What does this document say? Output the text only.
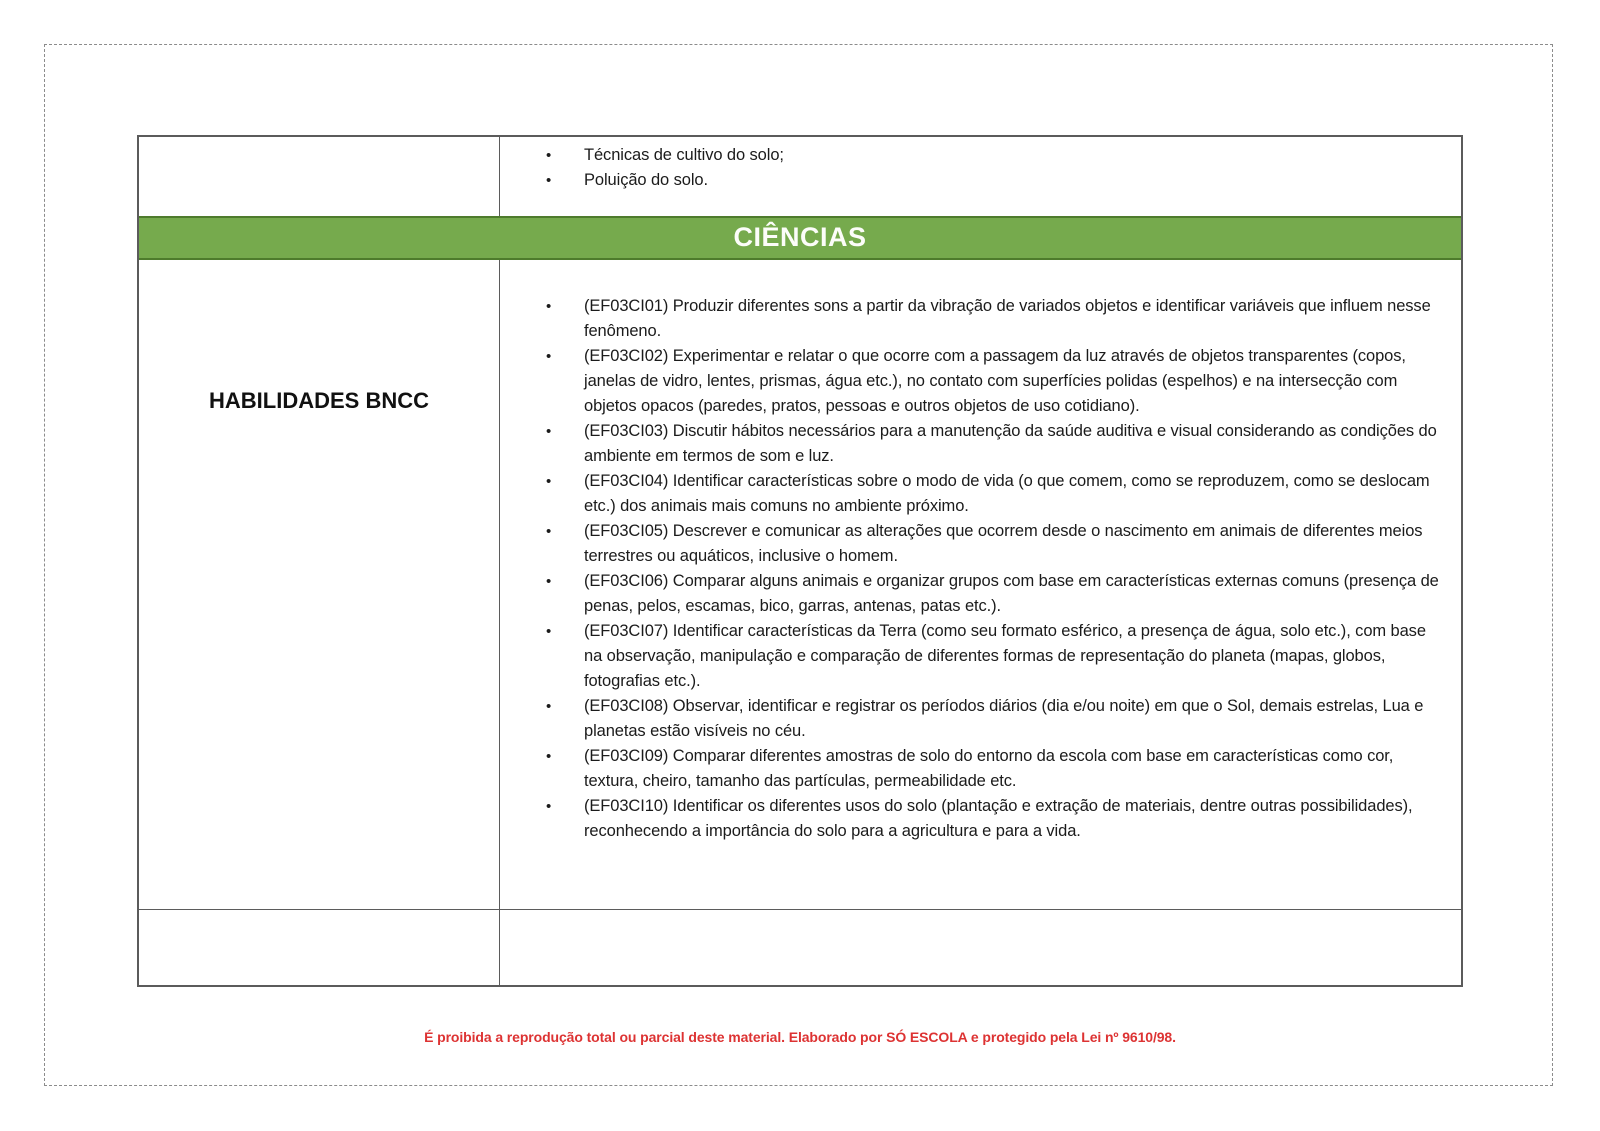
•	Técnicas de cultivo do solo;
•	Poluição do solo.
CIÊNCIAS
HABILIDADES BNCC
•	(EF03CI01) Produzir diferentes sons a partir da vibração de variados objetos e identificar variáveis que influem nesse fenômeno.
•	(EF03CI02) Experimentar e relatar o que ocorre com a passagem da luz através de objetos transparentes (copos, janelas de vidro, lentes, prismas, água etc.), no contato com superfícies polidas (espelhos) e na intersecção com objetos opacos (paredes, pratos, pessoas e outros objetos de uso cotidiano).
•	(EF03CI03) Discutir hábitos necessários para a manutenção da saúde auditiva e visual considerando as condições do ambiente em termos de som e luz.
•	(EF03CI04) Identificar características sobre o modo de vida (o que comem, como se reproduzem, como se deslocam etc.) dos animais mais comuns no ambiente próximo.
•	(EF03CI05) Descrever e comunicar as alterações que ocorrem desde o nascimento em animais de diferentes meios terrestres ou aquáticos, inclusive o homem.
•	(EF03CI06) Comparar alguns animais e organizar grupos com base em características externas comuns (presença de penas, pelos, escamas, bico, garras, antenas, patas etc.).
•	(EF03CI07) Identificar características da Terra (como seu formato esférico, a presença de água, solo etc.), com base na observação, manipulação e comparação de diferentes formas de representação do planeta (mapas, globos, fotografias etc.).
•	(EF03CI08) Observar, identificar e registrar os períodos diários (dia e/ou noite) em que o Sol, demais estrelas, Lua e planetas estão visíveis no céu.
•	(EF03CI09) Comparar diferentes amostras de solo do entorno da escola com base em características como cor, textura, cheiro, tamanho das partículas, permeabilidade etc.
•	(EF03CI10) Identificar os diferentes usos do solo (plantação e extração de materiais, dentre outras possibilidades), reconhecendo a importância do solo para a agricultura e para a vida.
É proibida a reprodução total ou parcial deste material. Elaborado por SÓ ESCOLA e protegido pela Lei nº 9610/98.
